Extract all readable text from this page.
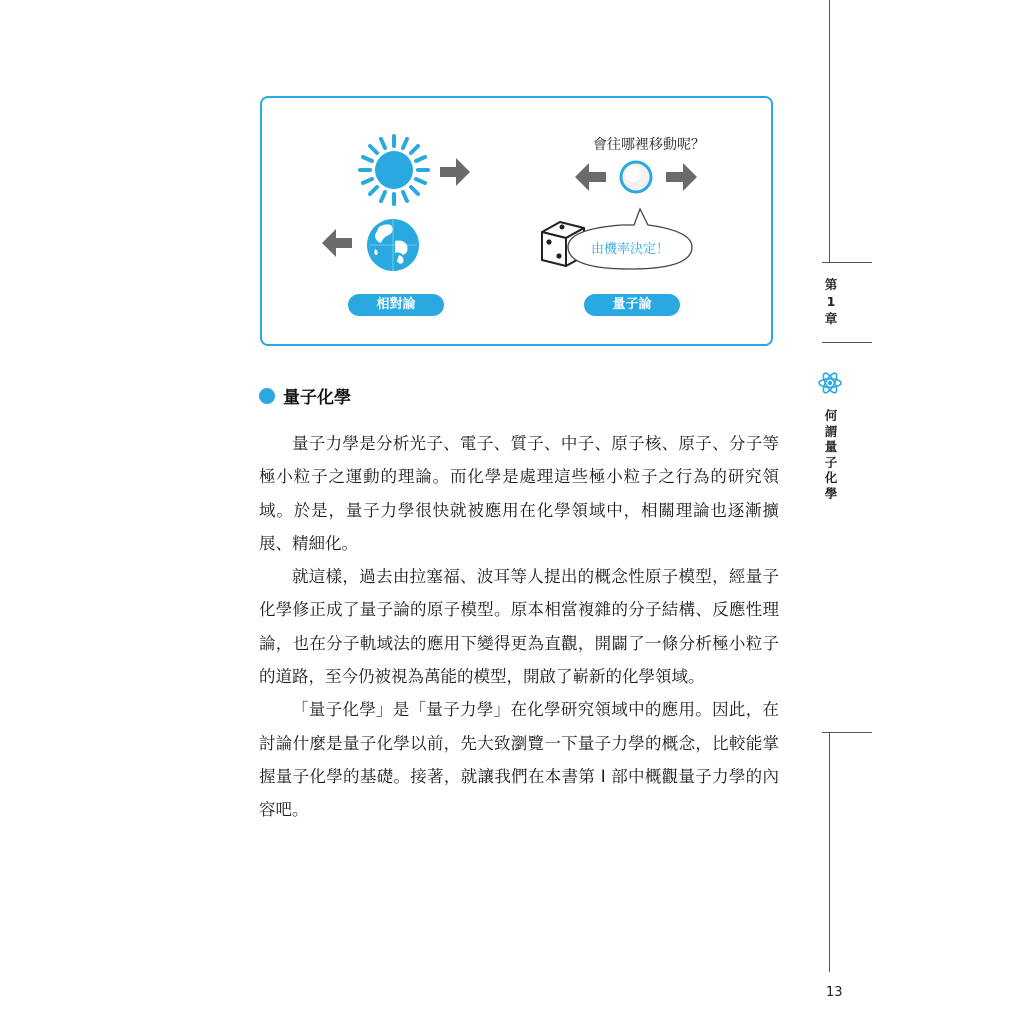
會往哪裡移動呢？
由機率決定！
相對論	量子論
量子化學

量子力學是分析光子、電子、質子、中子、原子核、原子、分子等極小粒子之運動的理論。而化學是處理這些極小粒子之行為的研究領域。於是，量子力學很快就被應用在化學領域中，相關理論也逐漸擴展、精細化。

就這樣，過去由拉塞福、波耳等人提出的概念性原子模型，經量子化學修正成了量子論的原子模型。原本相當複雜的分子結構、反應性理論，也在分子軌域法的應用下變得更為直觀，開闢了一條分析極小粒子的道路，至今仍被視為萬能的模型，開啟了嶄新的化學領域。

「量子化學」是「量子力學」在化學研究領域中的應用。因此，在討論什麼是量子化學以前，先大致瀏覽一下量子力學的概念，比較能掌握量子化學的基礎。接著，就讓我們在本書第 I 部中概觀量子力學的內容吧。

第
1
章
何
謂
量
子
化
學
13
